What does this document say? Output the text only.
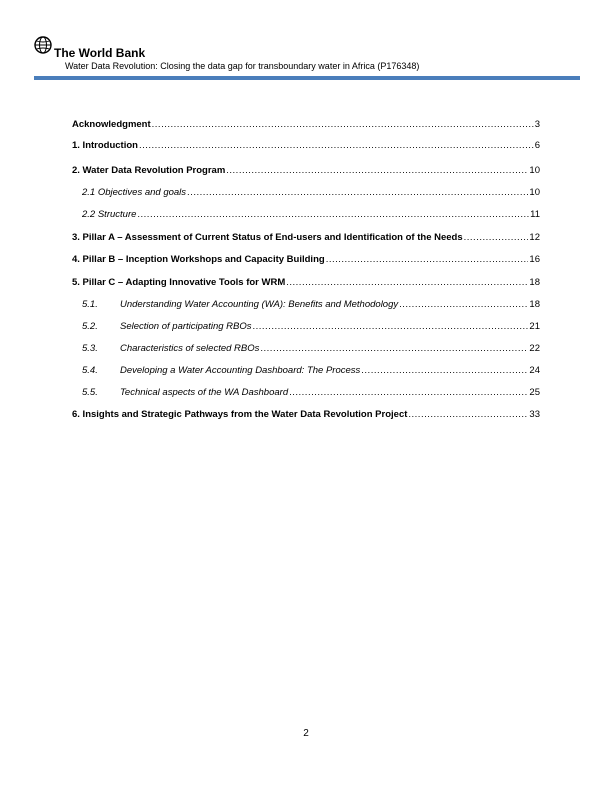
The World Bank
Water Data Revolution: Closing the data gap for transboundary water in Africa (P176348)
Acknowledgment .....	3
1. Introduction .....	6
2. Water Data Revolution Program .....	10
2.1 Objectives and goals .....	10
2.2 Structure .....	11
3. Pillar A – Assessment of Current Status of End-users and Identification of the Needs .....	12
4. Pillar B – Inception Workshops and Capacity Building .....	16
5. Pillar C – Adapting Innovative Tools for WRM .....	18
5.1.	Understanding Water Accounting (WA): Benefits and Methodology .....	18
5.2.	Selection of participating RBOs .....	21
5.3.	Characteristics of selected RBOs .....	22
5.4.	Developing a Water Accounting Dashboard: The Process .....	24
5.5.	Technical aspects of the WA Dashboard .....	25
6. Insights and Strategic Pathways from the Water Data Revolution Project .....	33
2
